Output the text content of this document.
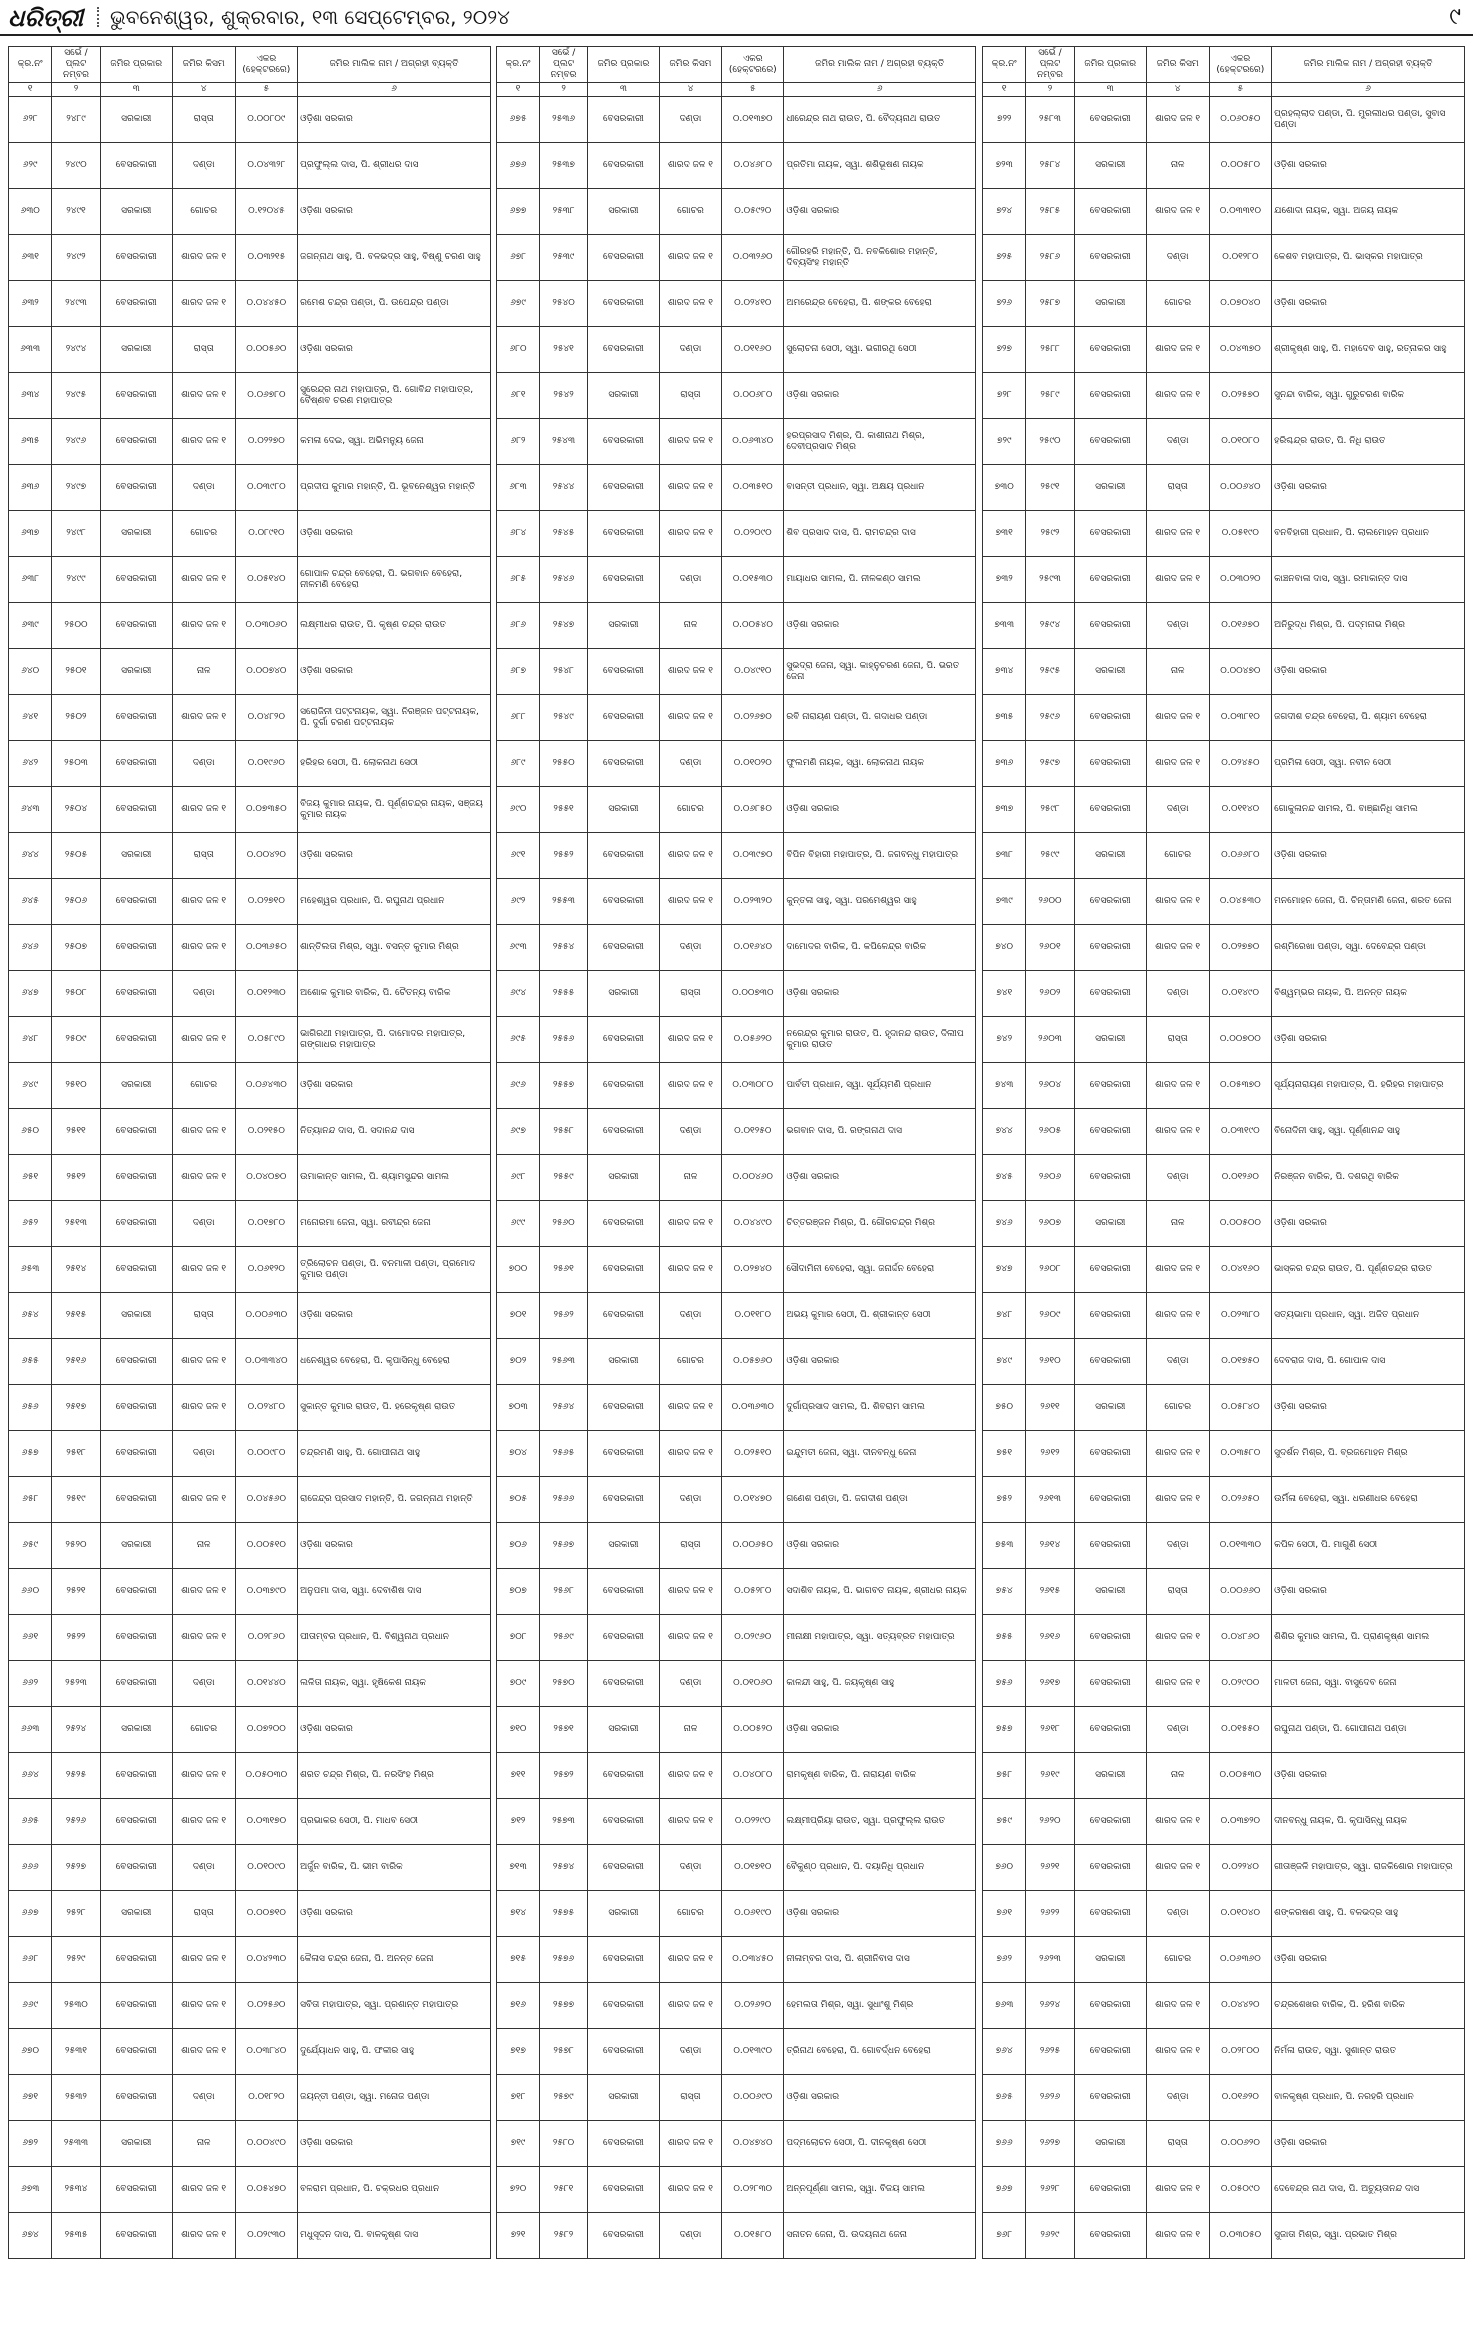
ଧରିତ୍ରୀ ଭୁବନେଶ୍ୱର, ଶୁକ୍ରବାର, ୧୩ ସେପ୍ଟେମ୍ବର, ୨୦୨୪	୯
କ୍ର.ନଂ	ସର୍ଭେ / ପ୍ଲଟ ନମ୍ବର	ଜମିର ପ୍ରକାର	ଜମିର କିସମ	ଏକର (ହେକ୍ଟରରେ)	ଜମିର ମାଲିକ ନାମ / ଅଗ୍ରହୀ ବ୍ୟକ୍ତି
୧	୨	୩	୪	୫	୬
୬୨୮	୨୪୮୯	ସରକାରୀ	ରାସ୍ତା	୦.୦୦୮୦୯	ଓଡ଼ିଶା ସରକାର
୬୨୯	୨୪୯୦	ବେସରକାରୀ	ଦଣ୍ଡା	୦.୦୪୩୨୮	ପ୍ରଫୁଲ୍ଲ ଦାସ, ପି. ଶ୍ରୀଧର ଦାସ
୬୩୦	୨୪୯୧	ସରକାରୀ	ଗୋଚର	୦.୧୨୦୪୫	ଓଡ଼ିଶା ସରକାର
୬୩୧	୨୪୯୨	ବେସରକାରୀ	ଶାରଦ ଜଳ ୧	୦.୦୩୨୧୫	ଜଗନ୍ନାଥ ସାହୁ, ପି. ବଳଭଦ୍ର ସାହୁ, ବିଷ୍ଣୁ ଚରଣ ସାହୁ
୬୩୨	୨୪୯୩	ବେସରକାରୀ	ଶାରଦ ଜଳ ୧	୦.୦୪୪୫୦	ରମେଶ ଚନ୍ଦ୍ର ପଣ୍ଡା, ପି. ଉପେନ୍ଦ୍ର ପଣ୍ଡା
୬୩୩	୨୪୯୪	ସରକାରୀ	ରାସ୍ତା	୦.୦୦୫୬୦	ଓଡ଼ିଶା ସରକାର
୬୩୪	୨୪୯୫	ବେସରକାରୀ	ଶାରଦ ଜଳ ୧	୦.୦୬୭୮୦	ସୁରେନ୍ଦ୍ର ନାଥ ମହାପାତ୍ର, ପି. ଗୋବିନ୍ଦ ମହାପାତ୍ର, ବୈଷ୍ଣବ ଚରଣ ମହାପାତ୍ର
୬୩୫	୨୪୯୬	ବେସରକାରୀ	ଶାରଦ ଜଳ ୧	୦.୦୨୨୭୦	କମଳା ଦେଇ, ସ୍ୱା. ଅଭିମନ୍ୟୁ ଜେନା
୬୩୬	୨୪୯୭	ବେସରକାରୀ	ଦଣ୍ଡା	୦.୦୩୯୮୦	ପ୍ରଦୀପ କୁମାର ମହାନ୍ତି, ପି. ଭୂବନେଶ୍ୱର ମହାନ୍ତି
୬୩୭	୨୪୯୮	ସରକାରୀ	ଗୋଚର	୦.୦୮୯୧୦	ଓଡ଼ିଶା ସରକାର
୬୩୮	୨୪୯୯	ବେସରକାରୀ	ଶାରଦ ଜଳ ୧	୦.୦୫୧୪୦	ଗୋପାଳ ଚନ୍ଦ୍ର ବେହେରା, ପି. ଭଗବାନ ବେହେରା, ନୀଳମଣି ବେହେରା
୬୩୯	୨୫୦୦	ବେସରକାରୀ	ଶାରଦ ଜଳ ୧	୦.୦୩୦୬୦	ଲକ୍ଷ୍ମୀଧର ରାଉତ, ପି. କୃଷ୍ଣ ଚନ୍ଦ୍ର ରାଉତ
୬୪୦	୨୫୦୧	ସରକାରୀ	ନାଳ	୦.୦୦୭୪୦	ଓଡ଼ିଶା ସରକାର
୬୪୧	୨୫୦୨	ବେସରକାରୀ	ଶାରଦ ଜଳ ୧	୦.୦୪୮୨୦	ସରୋଜିନୀ ପଟ୍ଟନାୟକ, ସ୍ୱା. ନିରଞ୍ଜନ ପଟ୍ଟନାୟକ, ପି. ଦୁର୍ଗା ଚରଣ ପଟ୍ଟନାୟକ
୬୪୨	୨୫୦୩	ବେସରକାରୀ	ଦଣ୍ଡା	୦.୦୧୯୬୦	ହରିହର ସେଠୀ, ପି. ଲୋକନାଥ ସେଠୀ
୬୪୩	୨୫୦୪	ବେସରକାରୀ	ଶାରଦ ଜଳ ୧	୦.୦୭୩୫୦	ବିଜୟ କୁମାର ନାୟକ, ପି. ପୂର୍ଣ୍ଣଚନ୍ଦ୍ର ନାୟକ, ସଞ୍ଜୟ କୁମାର ନାୟକ
୬୪୪	୨୫୦୫	ସରକାରୀ	ରାସ୍ତା	୦.୦୦୪୨୦	ଓଡ଼ିଶା ସରକାର
୬୪୫	୨୫୦୬	ବେସରକାରୀ	ଶାରଦ ଜଳ ୧	୦.୦୨୭୧୦	ମହେଶ୍ୱର ପ୍ରଧାନ, ପି. ରଘୁନାଥ ପ୍ରଧାନ
୬୪୬	୨୫୦୭	ବେସରକାରୀ	ଶାରଦ ଜଳ ୧	୦.୦୩୬୫୦	ଶାନ୍ତିଲତା ମିଶ୍ର, ସ୍ୱା. ବସନ୍ତ କୁମାର ମିଶ୍ର
୬୪୭	୨୫୦୮	ବେସରକାରୀ	ଦଣ୍ଡା	୦.୦୧୨୩୦	ଅଶୋକ କୁମାର ବାରିକ, ପି. ଚୈତନ୍ୟ ବାରିକ
୬୪୮	୨୫୦୯	ବେସରକାରୀ	ଶାରଦ ଜଳ ୧	୦.୦୫୮୯୦	ଭାଗିରଥୀ ମହାପାତ୍ର, ପି. ଦାମୋଦର ମହାପାତ୍ର, ଗଙ୍ଗାଧର ମହାପାତ୍ର
୬୪୯	୨୫୧୦	ସରକାରୀ	ଗୋଚର	୦.୦୬୪୩୦	ଓଡ଼ିଶା ସରକାର
୬୫୦	୨୫୧୧	ବେସରକାରୀ	ଶାରଦ ଜଳ ୧	୦.୦୨୧୫୦	ନିତ୍ୟାନନ୍ଦ ଦାସ, ପି. ସଦାନନ୍ଦ ଦାସ
୬୫୧	୨୫୧୨	ବେସରକାରୀ	ଶାରଦ ଜଳ ୧	୦.୦୪୦୭୦	ଉମାକାନ୍ତ ସାମଲ, ପି. ଶ୍ୟାମସୁନ୍ଦର ସାମଲ
୬୫୨	୨୫୧୩	ବେସରକାରୀ	ଦଣ୍ଡା	୦.୦୧୭୮୦	ମନୋରମା ଜେନା, ସ୍ୱା. ରବୀନ୍ଦ୍ର ଜେନା
୬୫୩	୨୫୧୪	ବେସରକାରୀ	ଶାରଦ ଜଳ ୧	୦.୦୬୧୨୦	ତ୍ରିଲୋଚନ ପଣ୍ଡା, ପି. ବନମାଳୀ ପଣ୍ଡା, ପ୍ରମୋଦ କୁମାର ପଣ୍ଡା
୬୫୪	୨୫୧୫	ସରକାରୀ	ରାସ୍ତା	୦.୦୦୬୩୦	ଓଡ଼ିଶା ସରକାର
୬୫୫	୨୫୧୬	ବେସରକାରୀ	ଶାରଦ ଜଳ ୧	୦.୦୩୩୪୦	ଧନେଶ୍ୱର ବେହେରା, ପି. କୃପାସିନ୍ଧୁ ବେହେରା
୬୫୬	୨୫୧୭	ବେସରକାରୀ	ଶାରଦ ଜଳ ୧	୦.୦୨୪୮୦	ସୁକାନ୍ତ କୁମାର ରାଉତ, ପି. ହରେକୃଷ୍ଣ ରାଉତ
୬୫୭	୨୫୧୮	ବେସରକାରୀ	ଦଣ୍ଡା	୦.୦୦୯୮୦	ଚନ୍ଦ୍ରମଣି ସାହୁ, ପି. ଗୋପୀନାଥ ସାହୁ
୬୫୮	୨୫୧୯	ବେସରକାରୀ	ଶାରଦ ଜଳ ୧	୦.୦୪୫୬୦	ରାଜେନ୍ଦ୍ର ପ୍ରସାଦ ମହାନ୍ତି, ପି. ଜଗନ୍ନାଥ ମହାନ୍ତି
୬୫୯	୨୫୨୦	ସରକାରୀ	ନାଳ	୦.୦୦୫୧୦	ଓଡ଼ିଶା ସରକାର
୬୬୦	୨୫୨୧	ବେସରକାରୀ	ଶାରଦ ଜଳ ୧	୦.୦୩୭୯୦	ଅନୁପମା ଦାସ, ସ୍ୱା. ଦେବାଶିଷ ଦାସ
୬୬୧	୨୫୨୨	ବେସରକାରୀ	ଶାରଦ ଜଳ ୧	୦.୦୨୮୬୦	ପୀତାମ୍ବର ପ୍ରଧାନ, ପି. ବିଶ୍ୱନାଥ ପ୍ରଧାନ
୬୬୨	୨୫୨୩	ବେସରକାରୀ	ଦଣ୍ଡା	୦.୦୧୪୪୦	ଲଳିତା ନାୟକ, ସ୍ୱା. ହୃଷିକେଶ ନାୟକ
୬୬୩	୨୫୨୪	ସରକାରୀ	ଗୋଚର	୦.୦୭୨୦୦	ଓଡ଼ିଶା ସରକାର
୬୬୪	୨୫୨୫	ବେସରକାରୀ	ଶାରଦ ଜଳ ୧	୦.୦୫୦୩୦	ଶରତ ଚନ୍ଦ୍ର ମିଶ୍ର, ପି. ନରସିଂହ ମିଶ୍ର
୬୬୫	୨୫୨୬	ବେସରକାରୀ	ଶାରଦ ଜଳ ୧	୦.୦୩୧୭୦	ପ୍ରଭାକର ସେଠୀ, ପି. ମାଧବ ସେଠୀ
୬୬୬	୨୫୨୭	ବେସରକାରୀ	ଦଣ୍ଡା	୦.୦୧୦୯୦	ଅର୍ଜୁନ ବାରିକ, ପି. ଭୀମ ବାରିକ
୬୬୭	୨୫୨୮	ସରକାରୀ	ରାସ୍ତା	୦.୦୦୭୧୦	ଓଡ଼ିଶା ସରକାର
୬୬୮	୨୫୨୯	ବେସରକାରୀ	ଶାରଦ ଜଳ ୧	୦.୦୪୨୩୦	କୈଳାସ ଚନ୍ଦ୍ର ଜେନା, ପି. ଅନନ୍ତ ଜେନା
୬୬୯	୨୫୩୦	ବେସରକାରୀ	ଶାରଦ ଜଳ ୧	୦.୦୨୫୬୦	ସବିତା ମହାପାତ୍ର, ସ୍ୱା. ପ୍ରଶାନ୍ତ ମହାପାତ୍ର
୬୭୦	୨୫୩୧	ବେସରକାରୀ	ଶାରଦ ଜଳ ୧	୦.୦୩୮୪୦	ଦୁର୍ଯ୍ୟୋଧନ ସାହୁ, ପି. ଫକୀର ସାହୁ
୬୭୧	୨୫୩୨	ବେସରକାରୀ	ଦଣ୍ଡା	୦.୦୧୮୨୦	ଜୟନ୍ତୀ ପଣ୍ଡା, ସ୍ୱା. ମନୋଜ ପଣ୍ଡା
୬୭୨	୨୫୩୩	ସରକାରୀ	ନାଳ	୦.୦୦୪୯୦	ଓଡ଼ିଶା ସରକାର
୬୭୩	୨୫୩୪	ବେସରକାରୀ	ଶାରଦ ଜଳ ୧	୦.୦୫୪୭୦	ବଳରାମ ପ୍ରଧାନ, ପି. ଚକ୍ରଧର ପ୍ରଧାନ
୬୭୪	୨୫୩୫	ବେସରକାରୀ	ଶାରଦ ଜଳ ୧	୦.୦୨୯୩୦	ମଧୁସୂଦନ ଦାସ, ପି. ବାଳକୃଷ୍ଣ ଦାସ
କ୍ର.ନଂ	ସର୍ଭେ / ପ୍ଲଟ ନମ୍ବର	ଜମିର ପ୍ରକାର	ଜମିର କିସମ	ଏକର (ହେକ୍ଟରରେ)	ଜମିର ମାଲିକ ନାମ / ଅଗ୍ରହୀ ବ୍ୟକ୍ତି
୧	୨	୩	୪	୫	୬
୬୭୫	୨୫୩୬	ବେସରକାରୀ	ଦଣ୍ଡା	୦.୦୧୩୭୦	ଧୀରେନ୍ଦ୍ର ନାଥ ରାଉତ, ପି. ବୈଦ୍ୟନାଥ ରାଉତ
୬୭୬	୨୫୩୭	ବେସରକାରୀ	ଶାରଦ ଜଳ ୧	୦.୦୪୬୮୦	ପ୍ରତିମା ନାୟକ, ସ୍ୱା. ଶଶିଭୂଷଣ ନାୟକ
୬୭୭	୨୫୩୮	ସରକାରୀ	ଗୋଚର	୦.୦୫୯୨୦	ଓଡ଼ିଶା ସରକାର
୬୭୮	୨୫୩୯	ବେସରକାରୀ	ଶାରଦ ଜଳ ୧	୦.୦୩୨୬୦	ଗୌରହରି ମହାନ୍ତି, ପି. ନବକିଶୋର ମହାନ୍ତି, ଦିବ୍ୟସିଂହ ମହାନ୍ତି
୬୭୯	୨୫୪୦	ବେସରକାରୀ	ଶାରଦ ଜଳ ୧	୦.୦୨୪୧୦	ଅମରେନ୍ଦ୍ର ବେହେରା, ପି. ଶଙ୍କର ବେହେରା
୬୮୦	୨୫୪୧	ବେସରକାରୀ	ଦଣ୍ଡା	୦.୦୧୧୬୦	ସୁଲୋଚନା ସେଠୀ, ସ୍ୱା. ଭଗୀରଥି ସେଠୀ
୬୮୧	୨୫୪୨	ସରକାରୀ	ରାସ୍ତା	୦.୦୦୬୮୦	ଓଡ଼ିଶା ସରକାର
୬୮୨	୨୫୪୩	ବେସରକାରୀ	ଶାରଦ ଜଳ ୧	୦.୦୬୩୪୦	ହରପ୍ରସାଦ ମିଶ୍ର, ପି. କାଶୀନାଥ ମିଶ୍ର, ଦେବୀପ୍ରସାଦ ମିଶ୍ର
୬୮୩	୨୫୪୪	ବେସରକାରୀ	ଶାରଦ ଜଳ ୧	୦.୦୩୫୧୦	ବାସନ୍ତୀ ପ୍ରଧାନ, ସ୍ୱା. ଅକ୍ଷୟ ପ୍ରଧାନ
୬୮୪	୨୫୪୫	ବେସରକାରୀ	ଶାରଦ ଜଳ ୧	୦.୦୨୦୯୦	ଶିବ ପ୍ରସାଦ ଦାସ, ପି. ରାମଚନ୍ଦ୍ର ଦାସ
୬୮୫	୨୫୪୬	ବେସରକାରୀ	ଦଣ୍ଡା	୦.୦୧୫୩୦	ମାୟାଧର ସାମଲ, ପି. ନୀଳକଣ୍ଠ ସାମଲ
୬୮୬	୨୫୪୭	ସରକାରୀ	ନାଳ	୦.୦୦୫୪୦	ଓଡ଼ିଶା ସରକାର
୬୮୭	୨୫୪୮	ବେସରକାରୀ	ଶାରଦ ଜଳ ୧	୦.୦୪୯୧୦	ସୁଭଦ୍ରା ଜେନା, ସ୍ୱା. କାହ୍ନୁଚରଣ ଜେନା, ପି. ଭରତ ଜେନା
୬୮୮	୨୫୪୯	ବେସରକାରୀ	ଶାରଦ ଜଳ ୧	୦.୦୨୬୭୦	ରବି ନାରାୟଣ ପଣ୍ଡା, ପି. ଗଦାଧର ପଣ୍ଡା
୬୮୯	୨୫୫୦	ବେସରକାରୀ	ଦଣ୍ଡା	୦.୦୧୦୨୦	ଫୁଲମଣି ନାୟକ, ସ୍ୱା. ଲୋକନାଥ ନାୟକ
୬୯୦	୨୫୫୧	ସରକାରୀ	ଗୋଚର	୦.୦୬୮୫୦	ଓଡ଼ିଶା ସରକାର
୬୯୧	୨୫୫୨	ବେସରକାରୀ	ଶାରଦ ଜଳ ୧	୦.୦୩୯୭୦	ବିପିନ ବିହାରୀ ମହାପାତ୍ର, ପି. ଜଗବନ୍ଧୁ ମହାପାତ୍ର
୬୯୨	୨୫୫୩	ବେସରକାରୀ	ଶାରଦ ଜଳ ୧	୦.୦୨୩୨୦	କୁନ୍ତଳା ସାହୁ, ସ୍ୱା. ପରମେଶ୍ୱର ସାହୁ
୬୯୩	୨୫୫୪	ବେସରକାରୀ	ଦଣ୍ଡା	୦.୦୧୬୪୦	ଦାମୋଦର ବାରିକ, ପି. କପିଳେନ୍ଦ୍ର ବାରିକ
୬୯୪	୨୫୫୫	ସରକାରୀ	ରାସ୍ତା	୦.୦୦୭୩୦	ଓଡ଼ିଶା ସରକାର
୬୯୫	୨୫୫୬	ବେସରକାରୀ	ଶାରଦ ଜଳ ୧	୦.୦୫୬୨୦	ନରେନ୍ଦ୍ର କୁମାର ରାଉତ, ପି. ହୃଦାନନ୍ଦ ରାଉତ, ଦିଲୀପ କୁମାର ରାଉତ
୬୯୬	୨୫୫୭	ବେସରକାରୀ	ଶାରଦ ଜଳ ୧	୦.୦୩୦୮୦	ପାର୍ବତୀ ପ୍ରଧାନ, ସ୍ୱା. ସୂର୍ଯ୍ୟମଣି ପ୍ରଧାନ
୬୯୭	୨୫୫୮	ବେସରକାରୀ	ଦଣ୍ଡା	୦.୦୧୨୫୦	ଭଗବାନ ଦାସ, ପି. ରଙ୍ଗନାଥ ଦାସ
୬୯୮	୨୫୫୯	ସରକାରୀ	ନାଳ	୦.୦୦୪୬୦	ଓଡ଼ିଶା ସରକାର
୬୯୯	୨୫୬୦	ବେସରକାରୀ	ଶାରଦ ଜଳ ୧	୦.୦୪୪୯୦	ଚିତ୍ତରଞ୍ଜନ ମିଶ୍ର, ପି. ଗୌରଚନ୍ଦ୍ର ମିଶ୍ର
୭୦୦	୨୫୬୧	ବେସରକାରୀ	ଶାରଦ ଜଳ ୧	୦.୦୨୭୪୦	ସୌଦାମିନୀ ବେହେରା, ସ୍ୱା. ଜନାର୍ଦ୍ଦନ ବେହେରା
୭୦୧	୨୫୬୨	ବେସରକାରୀ	ଦଣ୍ଡା	୦.୦୧୧୮୦	ଅଭୟ କୁମାର ସେଠୀ, ପି. ଶ୍ରୀକାନ୍ତ ସେଠୀ
୭୦୨	୨୫୬୩	ସରକାରୀ	ଗୋଚର	୦.୦୫୭୬୦	ଓଡ଼ିଶା ସରକାର
୭୦୩	୨୫୬୪	ବେସରକାରୀ	ଶାରଦ ଜଳ ୧	୦.୦୩୬୩୦	ଦୁର୍ଗାପ୍ରସାଦ ସାମଲ, ପି. ଶିବରାମ ସାମଲ
୭୦୪	୨୫୬୫	ବେସରକାରୀ	ଶାରଦ ଜଳ ୧	୦.୦୨୫୧୦	ଇନ୍ଦୁମତୀ ଜେନା, ସ୍ୱା. ଦୀନବନ୍ଧୁ ଜେନା
୭୦୫	୨୫୬୬	ବେସରକାରୀ	ଦଣ୍ଡା	୦.୦୧୪୭୦	ଗଣେଶ ପଣ୍ଡା, ପି. ଜଗଦୀଶ ପଣ୍ଡା
୭୦୬	୨୫୬୭	ସରକାରୀ	ରାସ୍ତା	୦.୦୦୬୫୦	ଓଡ଼ିଶା ସରକାର
୭୦୭	୨୫୬୮	ବେସରକାରୀ	ଶାରଦ ଜଳ ୧	୦.୦୫୨୮୦	ସଦାଶିବ ନାୟକ, ପି. ଭାଗବତ ନାୟକ, ଶ୍ରୀଧର ନାୟକ
୭୦୮	୨୫୬୯	ବେସରକାରୀ	ଶାରଦ ଜଳ ୧	୦.୦୨୯୬୦	ମୀନାକ୍ଷୀ ମହାପାତ୍ର, ସ୍ୱା. ସତ୍ୟବ୍ରତ ମହାପାତ୍ର
୭୦୯	୨୫୭୦	ବେସରକାରୀ	ଦଣ୍ଡା	୦.୦୧୦୬୦	କାଳନ୍ଦୀ ସାହୁ, ପି. ଜୟକୃଷ୍ଣ ସାହୁ
୭୧୦	୨୫୭୧	ସରକାରୀ	ନାଳ	୦.୦୦୫୨୦	ଓଡ଼ିଶା ସରକାର
୭୧୧	୨୫୭୨	ବେସରକାରୀ	ଶାରଦ ଜଳ ୧	୦.୦୪୦୮୦	ରାମକୃଷ୍ଣ ବାରିକ, ପି. ନାରାୟଣ ବାରିକ
୭୧୨	୨୫୭୩	ବେସରକାରୀ	ଶାରଦ ଜଳ ୧	୦.୦୨୨୯୦	ଲକ୍ଷ୍ମୀପ୍ରିୟା ରାଉତ, ସ୍ୱା. ପ୍ରଫୁଲ୍ଲ ରାଉତ
୭୧୩	୨୫୭୪	ବେସରକାରୀ	ଦଣ୍ଡା	୦.୦୧୭୧୦	ବୈକୁଣ୍ଠ ପ୍ରଧାନ, ପି. ଦୟାନିଧି ପ୍ରଧାନ
୭୧୪	୨୫୭୫	ସରକାରୀ	ଗୋଚର	୦.୦୬୧୯୦	ଓଡ଼ିଶା ସରକାର
୭୧୫	୨୫୭୬	ବେସରକାରୀ	ଶାରଦ ଜଳ ୧	୦.୦୩୪୫୦	ନୀଳାମ୍ବର ଦାସ, ପି. ଶ୍ରୀନିବାସ ଦାସ
୭୧୬	୨୫୭୭	ବେସରକାରୀ	ଶାରଦ ଜଳ ୧	୦.୦୨୬୨୦	ହେମଲତା ମିଶ୍ର, ସ୍ୱା. ସୁଧାଂଶୁ ମିଶ୍ର
୭୧୭	୨୫୭୮	ବେସରକାରୀ	ଦଣ୍ଡା	୦.୦୧୩୯୦	ତ୍ରିନାଥ ବେହେରା, ପି. ଗୋବର୍ଦ୍ଧନ ବେହେରା
୭୧୮	୨୫୭୯	ସରକାରୀ	ରାସ୍ତା	୦.୦୦୬୯୦	ଓଡ଼ିଶା ସରକାର
୭୧୯	୨୫୮୦	ବେସରକାରୀ	ଶାରଦ ଜଳ ୧	୦.୦୪୭୪୦	ପଦ୍ମଲୋଚନ ସେଠୀ, ପି. ଦୀନକୃଷ୍ଣ ସେଠୀ
୭୨୦	୨୫୮୧	ବେସରକାରୀ	ଶାରଦ ଜଳ ୧	୦.୦୨୮୩୦	ଅନ୍ନପୂର୍ଣ୍ଣା ସାମଲ, ସ୍ୱା. ବିଜୟ ସାମଲ
୭୨୧	୨୫୮୨	ବେସରକାରୀ	ଦଣ୍ଡା	୦.୦୧୫୮୦	ସନାତନ ଜେନା, ପି. ଉଦୟନାଥ ଜେନା
କ୍ର.ନଂ	ସର୍ଭେ / ପ୍ଲଟ ନମ୍ବର	ଜମିର ପ୍ରକାର	ଜମିର କିସମ	ଏକର (ହେକ୍ଟରରେ)	ଜମିର ମାଲିକ ନାମ / ଅଗ୍ରହୀ ବ୍ୟକ୍ତି
୧	୨	୩	୪	୫	୬
୭୨୨	୨୫୮୩	ବେସରକାରୀ	ଶାରଦ ଜଳ ୧	୦.୦୬୦୫୦	ପ୍ରହଲ୍ଲାଦ ପଣ୍ଡା, ପି. ମୁରଲୀଧର ପଣ୍ଡା, ସୁବାସ ପଣ୍ଡା
୭୨୩	୨୫୮୪	ସରକାରୀ	ନାଳ	୦.୦୦୫୮୦	ଓଡ଼ିଶା ସରକାର
୭୨୪	୨୫୮୫	ବେସରକାରୀ	ଶାରଦ ଜଳ ୧	୦.୦୩୩୧୦	ଯଶୋଦା ନାୟକ, ସ୍ୱା. ଅଜୟ ନାୟକ
୭୨୫	୨୫୮୬	ବେସରକାରୀ	ଦଣ୍ଡା	୦.୦୧୨୮୦	କେଶବ ମହାପାତ୍ର, ପି. ଭାସ୍କର ମହାପାତ୍ର
୭୨୬	୨୫୮୭	ସରକାରୀ	ଗୋଚର	୦.୦୭୦୪୦	ଓଡ଼ିଶା ସରକାର
୭୨୭	୨୫୮୮	ବେସରକାରୀ	ଶାରଦ ଜଳ ୧	୦.୦୪୩୭୦	ଶ୍ରୀକୃଷ୍ଣ ସାହୁ, ପି. ମହାଦେବ ସାହୁ, ରତ୍ନାକର ସାହୁ
୭୨୮	୨୫୮୯	ବେସରକାରୀ	ଶାରଦ ଜଳ ୧	୦.୦୨୫୭୦	ସୁନନ୍ଦା ବାରିକ, ସ୍ୱା. ଗୁରୁଚରଣ ବାରିକ
୭୨୯	୨୫୯୦	ବେସରକାରୀ	ଦଣ୍ଡା	୦.୦୧୦୮୦	ହରିଶ୍ଚନ୍ଦ୍ର ରାଉତ, ପି. ନିଧି ରାଉତ
୭୩୦	୨୫୯୧	ସରକାରୀ	ରାସ୍ତା	୦.୦୦୬୪୦	ଓଡ଼ିଶା ସରକାର
୭୩୧	୨୫୯୨	ବେସରକାରୀ	ଶାରଦ ଜଳ ୧	୦.୦୫୧୯୦	ବନବିହାରୀ ପ୍ରଧାନ, ପି. ଲାଲମୋହନ ପ୍ରଧାନ
୭୩୨	୨୫୯୩	ବେସରକାରୀ	ଶାରଦ ଜଳ ୧	୦.୦୩୦୨୦	କାଞ୍ଚନବାଳା ଦାସ, ସ୍ୱା. ରମାକାନ୍ତ ଦାସ
୭୩୩	୨୫୯୪	ବେସରକାରୀ	ଦଣ୍ଡା	୦.୦୧୬୭୦	ଅନିରୁଦ୍ଧ ମିଶ୍ର, ପି. ପଦ୍ମନାଭ ମିଶ୍ର
୭୩୪	୨୫୯୫	ସରକାରୀ	ନାଳ	୦.୦୦୪୭୦	ଓଡ଼ିଶା ସରକାର
୭୩୫	୨୫୯୬	ବେସରକାରୀ	ଶାରଦ ଜଳ ୧	୦.୦୩୮୧୦	ଜଗଦୀଶ ଚନ୍ଦ୍ର ବେହେରା, ପି. ଶ୍ୟାମ ବେହେରା
୭୩୬	୨୫୯୭	ବେସରକାରୀ	ଶାରଦ ଜଳ ୧	୦.୦୨୪୫୦	ପ୍ରମିଳା ସେଠୀ, ସ୍ୱା. ନବୀନ ସେଠୀ
୭୩୭	୨୫୯୮	ବେସରକାରୀ	ଦଣ୍ଡା	୦.୦୧୧୪୦	ଗୋକୁଳାନନ୍ଦ ସାମଲ, ପି. ବାଞ୍ଛାନିଧି ସାମଲ
୭୩୮	୨୫୯୯	ସରକାରୀ	ଗୋଚର	୦.୦୬୬୮୦	ଓଡ଼ିଶା ସରକାର
୭୩୯	୨୬୦୦	ବେସରକାରୀ	ଶାରଦ ଜଳ ୧	୦.୦୪୫୩୦	ମନମୋହନ ଜେନା, ପି. ଚିନ୍ତାମଣି ଜେନା, ଶରତ ଜେନା
୭୪୦	୨୬୦୧	ବେସରକାରୀ	ଶାରଦ ଜଳ ୧	୦.୦୨୭୭୦	ରଶ୍ମିରେଖା ପଣ୍ଡା, ସ୍ୱା. ଦେବେନ୍ଦ୍ର ପଣ୍ଡା
୭୪୧	୨୬୦୨	ବେସରକାରୀ	ଦଣ୍ଡା	୦.୦୧୪୯୦	ବିଶ୍ୱମ୍ଭର ନାୟକ, ପି. ଅନନ୍ତ ନାୟକ
୭୪୨	୨୬୦୩	ସରକାରୀ	ରାସ୍ତା	୦.୦୦୭୦୦	ଓଡ଼ିଶା ସରକାର
୭୪୩	୨୬୦୪	ବେସରକାରୀ	ଶାରଦ ଜଳ ୧	୦.୦୫୩୭୦	ସୂର୍ଯ୍ୟନାରାୟଣ ମହାପାତ୍ର, ପି. ହରିହର ମହାପାତ୍ର
୭୪୪	୨୬୦୫	ବେସରକାରୀ	ଶାରଦ ଜଳ ୧	୦.୦୩୧୯୦	ବିନୋଦିନୀ ସାହୁ, ସ୍ୱା. ପୂର୍ଣ୍ଣାନନ୍ଦ ସାହୁ
୭୪୫	୨୬୦୬	ବେସରକାରୀ	ଦଣ୍ଡା	୦.୦୧୨୬୦	ନିରଞ୍ଜନ ବାରିକ, ପି. ଦଶରଥି ବାରିକ
୭୪୬	୨୬୦୭	ସରକାରୀ	ନାଳ	୦.୦୦୫୦୦	ଓଡ଼ିଶା ସରକାର
୭୪୭	୨୬୦୮	ବେସରକାରୀ	ଶାରଦ ଜଳ ୧	୦.୦୪୧୬୦	ଭାସ୍କର ଚନ୍ଦ୍ର ରାଉତ, ପି. ପୂର୍ଣ୍ଣଚନ୍ଦ୍ର ରାଉତ
୭୪୮	୨୬୦୯	ବେସରକାରୀ	ଶାରଦ ଜଳ ୧	୦.୦୨୩୮୦	ସତ୍ୟଭାମା ପ୍ରଧାନ, ସ୍ୱା. ଅଜିତ ପ୍ରଧାନ
୭୪୯	୨୬୧୦	ବେସରକାରୀ	ଦଣ୍ଡା	୦.୦୧୭୫୦	ଦେବରାଜ ଦାସ, ପି. ଗୋପାଳ ଦାସ
୭୫୦	୨୬୧୧	ସରକାରୀ	ଗୋଚର	୦.୦୫୮୪୦	ଓଡ଼ିଶା ସରକାର
୭୫୧	୨୬୧୨	ବେସରକାରୀ	ଶାରଦ ଜଳ ୧	୦.୦୩୫୮୦	ସୁଦର୍ଶନ ମିଶ୍ର, ପି. ବ୍ରଜମୋହନ ମିଶ୍ର
୭୫୨	୨୬୧୩	ବେସରକାରୀ	ଶାରଦ ଜଳ ୧	୦.୦୨୬୫୦	ଉର୍ମିଳା ବେହେରା, ସ୍ୱା. ଧରଣୀଧର ବେହେରା
୭୫୩	୨୬୧୪	ବେସରକାରୀ	ଦଣ୍ଡା	୦.୦୧୩୩୦	କପିଳ ସେଠୀ, ପି. ମାଗୁଣି ସେଠୀ
୭୫୪	୨୬୧୫	ସରକାରୀ	ରାସ୍ତା	୦.୦୦୬୬୦	ଓଡ଼ିଶା ସରକାର
୭୫୫	୨୬୧୬	ବେସରକାରୀ	ଶାରଦ ଜଳ ୧	୦.୦୪୮୬୦	ଶିଶିର କୁମାର ସାମଲ, ପି. ପ୍ରାଣକୃଷ୍ଣ ସାମଲ
୭୫୬	୨୬୧୭	ବେସରକାରୀ	ଶାରଦ ଜଳ ୧	୦.୦୨୯୦୦	ମାଳତୀ ଜେନା, ସ୍ୱା. ବାସୁଦେବ ଜେନା
୭୫୭	୨୬୧୮	ବେସରକାରୀ	ଦଣ୍ଡା	୦.୦୧୫୫୦	ରଘୁନାଥ ପଣ୍ଡା, ପି. ଗୋପୀନାଥ ପଣ୍ଡା
୭୫୮	୨୬୧୯	ସରକାରୀ	ନାଳ	୦.୦୦୫୩୦	ଓଡ଼ିଶା ସରକାର
୭୫୯	୨୬୨୦	ବେସରକାରୀ	ଶାରଦ ଜଳ ୧	୦.୦୩୭୨୦	ଦୀନବନ୍ଧୁ ନାୟକ, ପି. କୃପାସିନ୍ଧୁ ନାୟକ
୭୬୦	୨୬୨୧	ବେସରକାରୀ	ଶାରଦ ଜଳ ୧	୦.୦୨୨୪୦	ଗୀତାଞ୍ଜଳି ମହାପାତ୍ର, ସ୍ୱା. ରାଜକିଶୋର ମହାପାତ୍ର
୭୬୧	୨୬୨୨	ବେସରକାରୀ	ଦଣ୍ଡା	୦.୦୧୦୪୦	ଶଙ୍କରଷଣ ସାହୁ, ପି. ବଳଭଦ୍ର ସାହୁ
୭୬୨	୨୬୨୩	ସରକାରୀ	ଗୋଚର	୦.୦୬୩୬୦	ଓଡ଼ିଶା ସରକାର
୭୬୩	୨୬୨୪	ବେସରକାରୀ	ଶାରଦ ଜଳ ୧	୦.୦୪୪୨୦	ଚନ୍ଦ୍ରଶେଖର ବାରିକ, ପି. ହରିଶ ବାରିକ
୭୬୪	୨୬୨୫	ବେସରକାରୀ	ଶାରଦ ଜଳ ୧	୦.୦୨୮୦୦	ନିର୍ମଳା ରାଉତ, ସ୍ୱା. ସୁଶାନ୍ତ ରାଉତ
୭୬୫	୨୬୨୬	ବେସରକାରୀ	ଦଣ୍ଡା	୦.୦୧୬୨୦	ବାଳକୃଷ୍ଣ ପ୍ରଧାନ, ପି. ନରହରି ପ୍ରଧାନ
୭୬୬	୨୬୨୭	ସରକାରୀ	ରାସ୍ତା	୦.୦୦୬୨୦	ଓଡ଼ିଶା ସରକାର
୭୬୭	୨୬୨୮	ବେସରକାରୀ	ଶାରଦ ଜଳ ୧	୦.୦୫୦୯୦	ଦେବେନ୍ଦ୍ର ନାଥ ଦାସ, ପି. ଅଚ୍ୟୁତାନନ୍ଦ ଦାସ
୭୬୮	୨୬୨୯	ବେସରକାରୀ	ଶାରଦ ଜଳ ୧	୦.୦୩୦୫୦	ସୁଜାତା ମିଶ୍ର, ସ୍ୱା. ପ୍ରଭାତ ମିଶ୍ର
